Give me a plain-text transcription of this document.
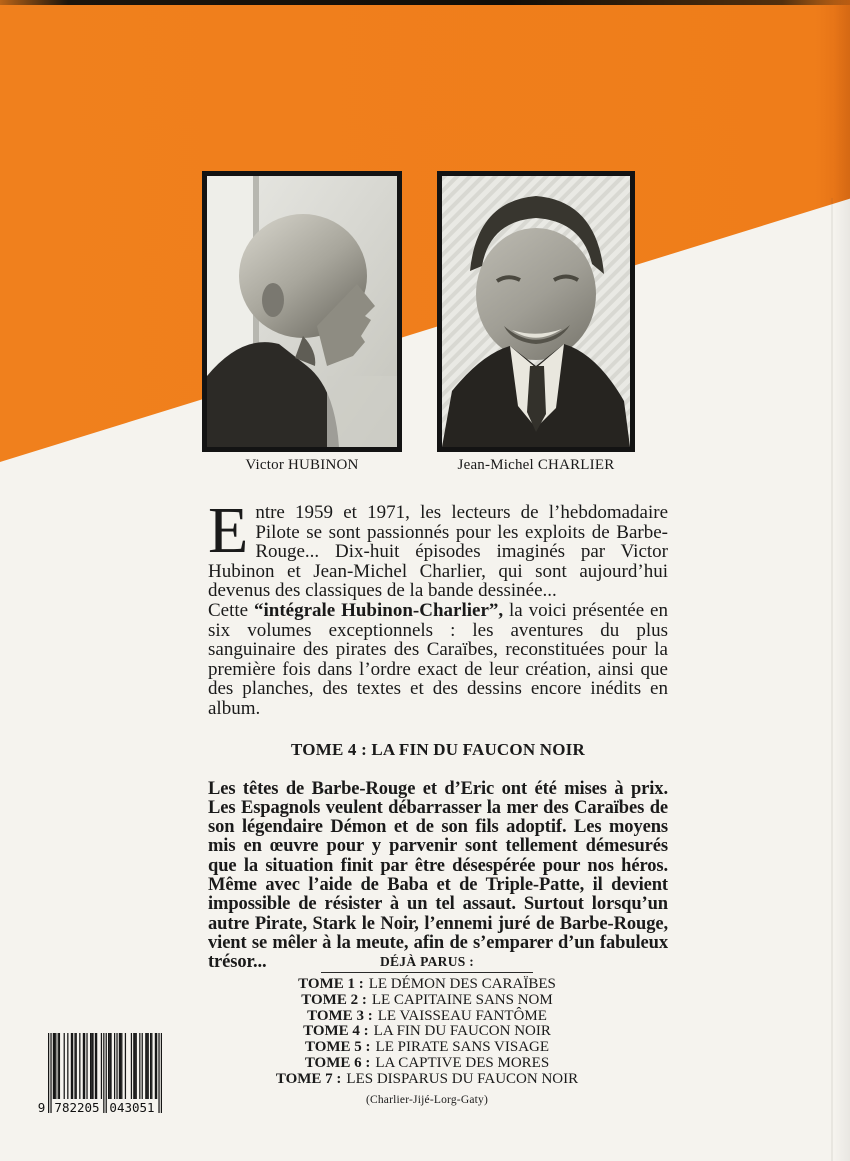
Victor HUBINON	Jean-Michel CHARLIER

Entre 1959 et 1971, les lecteurs de l’hebdomadaire Pilote se sont passionnés pour les exploits de Barbe-Rouge... Dix-huit épisodes imaginés par Victor Hubinon et Jean-Michel Charlier, qui sont aujourd’hui devenus des classiques de la bande dessinée...

Cette “intégrale Hubinon-Charlier”, la voici présentée en six volumes exceptionnels : les aventures du plus sanguinaire des pirates des Caraïbes, reconstituées pour la première fois dans l’ordre exact de leur création, ainsi que des planches, des textes et des dessins encore inédits en album.

TOME 4 : LA FIN DU FAUCON NOIR

Les têtes de Barbe-Rouge et d’Eric ont été mises à prix. Les Espagnols veulent débarrasser la mer des Caraïbes de son légendaire Démon et de son fils adoptif. Les moyens mis en œuvre pour y parvenir sont tellement démesurés que la situation finit par être désespérée pour nos héros. Même avec l’aide de Baba et de Triple-Patte, il devient impossible de résister à un tel assaut. Surtout lorsqu’un autre Pirate, Stark le Noir, l’ennemi juré de Barbe-Rouge, vient se mêler à la meute, afin de s’emparer d’un fabuleux trésor...	DÉJÀ PARUS :
TOME 1 : LE DÉMON DES CARAÏBES
TOME 2 : LE CAPITAINE SANS NOM
TOME 3 : LE VAISSEAU FANTÔME
TOME 4 : LA FIN DU FAUCON NOIR
TOME 5 : LE PIRATE SANS VISAGE
TOME 6 : LA CAPTIVE DES MORES
TOME 7 : LES DISPARUS DU FAUCON NOIR
(Charlier-Jijé-Lorg-Gaty)
9 782205 043051
